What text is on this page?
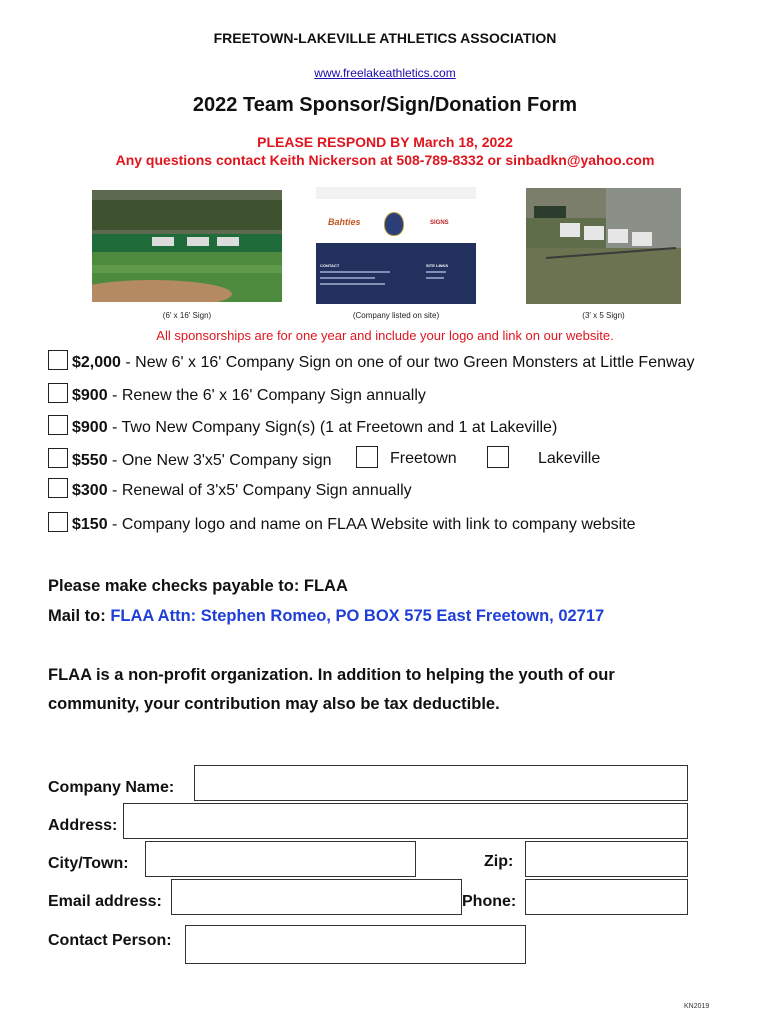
FREETOWN-LAKEVILLE ATHLETICS ASSOCIATION
www.freelakeathletics.com
2022 Team Sponsor/Sign/Donation Form
PLEASE RESPOND BY March 18, 2022
Any questions contact Keith Nickerson at 508-789-8332 or sinbadkn@yahoo.com
(6' x 16' Sign)
Bahties	SIGNS
CONTACT	SITE LINKS
(Company listed on site)	(3' x 5 Sign)
All sponsorships are for one year and include your logo and link on our website.
$2,000 - New 6' x 16' Company Sign on one of our two Green Monsters at Little Fenway
$900 - Renew the 6' x 16' Company Sign annually
$900 - Two New Company Sign(s) (1 at Freetown and 1 at Lakeville)
$550 - One New 3'x5' Company sign	Freetown	Lakeville
$300 - Renewal of 3'x5' Company Sign annually
$150 - Company logo and name on FLAA Website with link to company website
Please make checks payable to: FLAA
Mail to: FLAA Attn: Stephen Romeo, PO BOX 575 East Freetown, 02717
FLAA is a non-profit organization. In addition to helping the youth of our
community, your contribution may also be tax deductible.
Company Name:
Address:
City/Town:	Zip:
Email address:	Phone:
Contact Person:
KN2019
